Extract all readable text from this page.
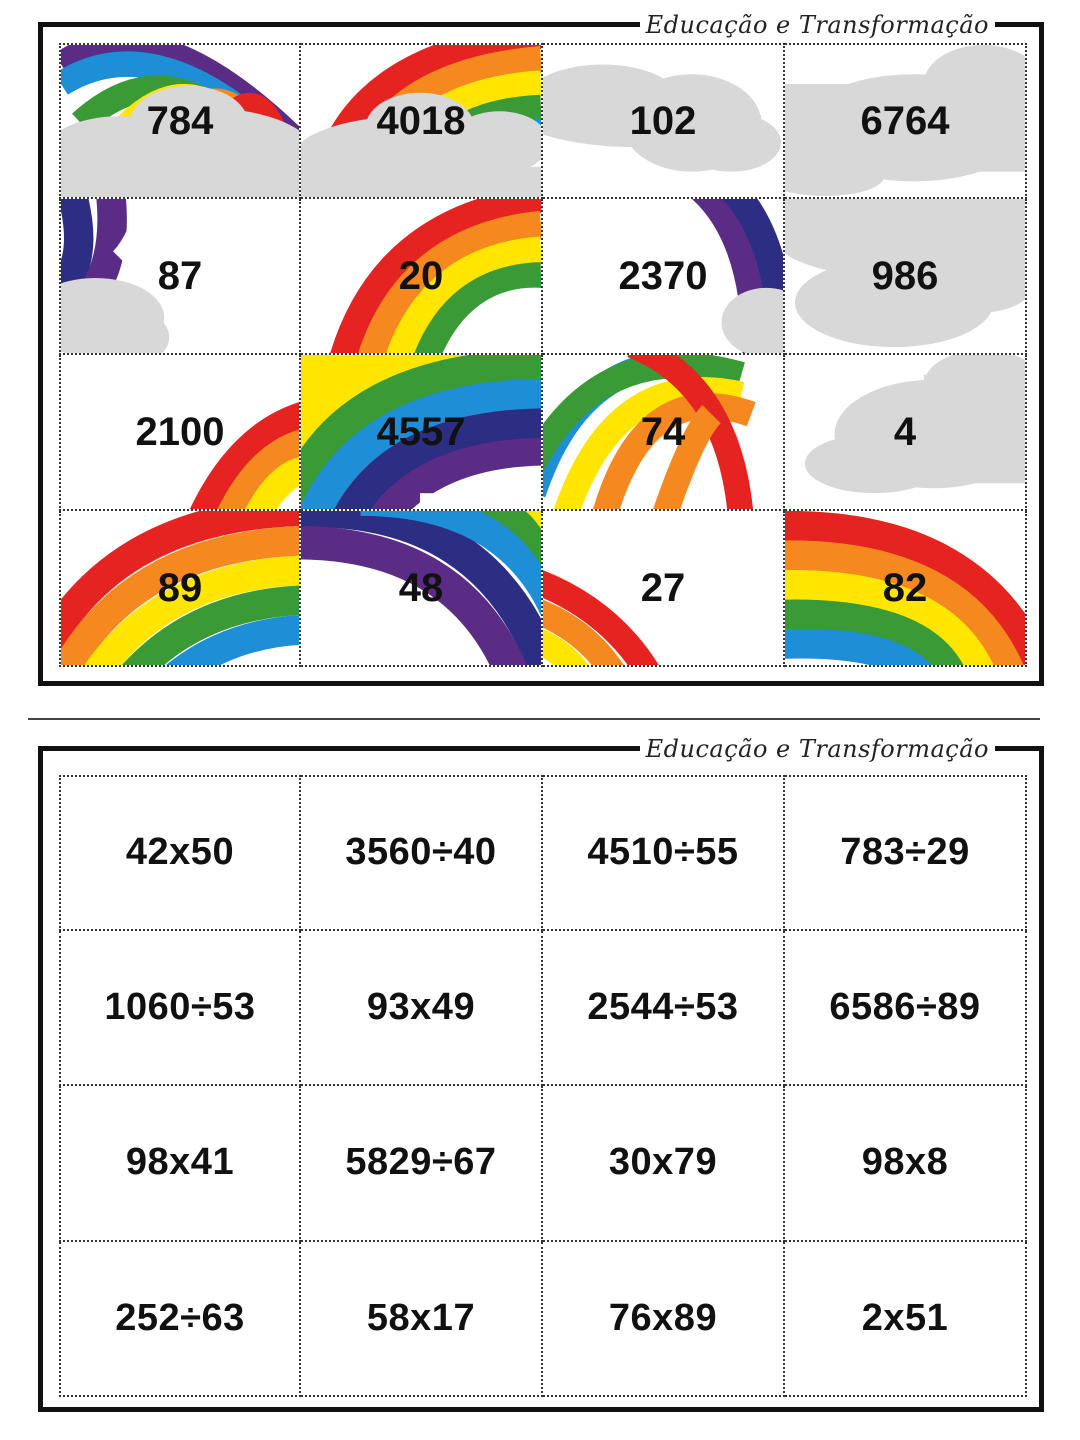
Educação e Transformação
784	4018	102	6764
87	20	2370	986
2100	4557	74	4
89	48	27	82
Educação e Transformação
42x50	3560÷40 4510÷55	783÷29
1060÷53	93x49	2544÷53 6586÷89
98x41	5829÷67	30x79	98x8
252÷63	58x17	76x89	2x51
